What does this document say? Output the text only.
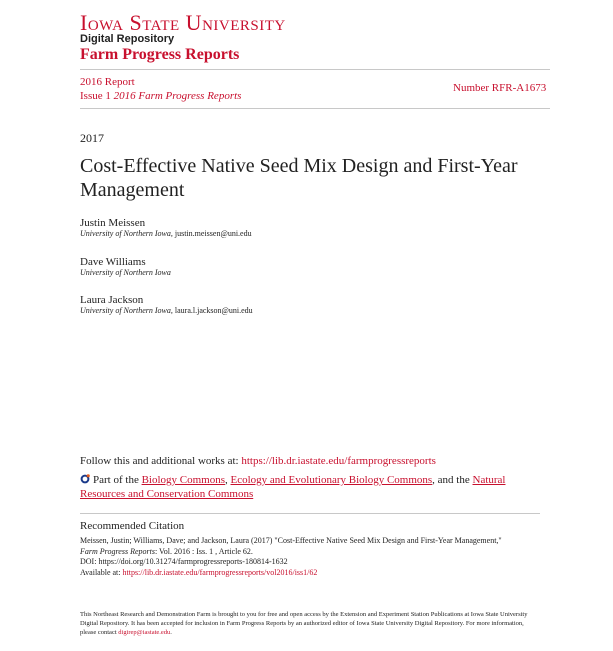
Iowa State University
Digital Repository
Farm Progress Reports
2016 Report
Issue 1 2016 Farm Progress Reports
Number RFR-A1673
2017
Cost-Effective Native Seed Mix Design and First-Year Management
Justin Meissen
University of Northern Iowa, justin.meissen@uni.edu
Dave Williams
University of Northern Iowa
Laura Jackson
University of Northern Iowa, laura.l.jackson@uni.edu
Follow this and additional works at: https://lib.dr.iastate.edu/farmprogressreports
Part of the Biology Commons, Ecology and Evolutionary Biology Commons, and the Natural Resources and Conservation Commons
Recommended Citation
Meissen, Justin; Williams, Dave; and Jackson, Laura (2017) "Cost-Effective Native Seed Mix Design and First-Year Management,"
Farm Progress Reports: Vol. 2016 : Iss. 1 , Article 62.
DOI: https://doi.org/10.31274/farmprogressreports-180814-1632
Available at: https://lib.dr.iastate.edu/farmprogressreports/vol2016/iss1/62
This Northeast Research and Demonstration Farm is brought to you for free and open access by the Extension and Experiment Station Publications at Iowa State University Digital Repository. It has been accepted for inclusion in Farm Progress Reports by an authorized editor of Iowa State University Digital Repository. For more information, please contact digirep@iastate.edu.
